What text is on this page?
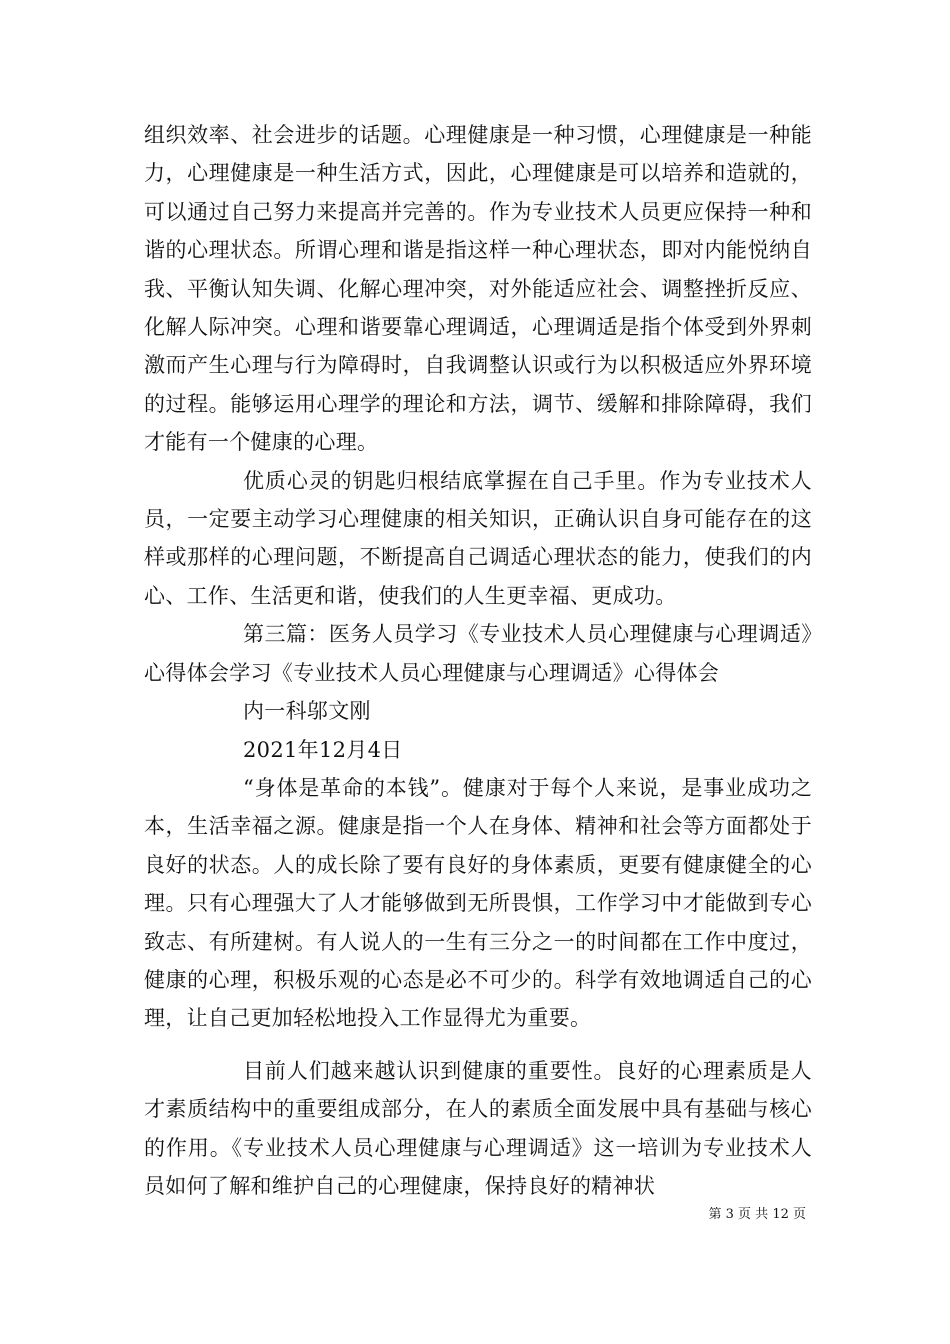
组织效率、社会进步的话题。心理健康是一种习惯，心理健康是一种能力，心理健康是一种生活方式，因此，心理健康是可以培养和造就的，可以通过自己努力来提高并完善的。作为专业技术人员更应保持一种和谐的心理状态。所谓心理和谐是指这样一种心理状态，即对内能悦纳自我、平衡认知失调、化解心理冲突，对外能适应社会、调整挫折反应、化解人际冲突。心理和谐要靠心理调适，心理调适是指个体受到外界刺激而产生心理与行为障碍时，自我调整认识或行为以积极适应外界环境的过程。能够运用心理学的理论和方法，调节、缓解和排除障碍，我们才能有一个健康的心理。

优质心灵的钥匙归根结底掌握在自己手里。作为专业技术人员，一定要主动学习心理健康的相关知识，正确认识自身可能存在的这样或那样的心理问题，不断提高自己调适心理状态的能力，使我们的内心、工作、生活更和谐，使我们的人生更幸福、更成功。

第三篇：医务人员学习《专业技术人员心理健康与心理调适》心得体会学习《专业技术人员心理健康与心理调适》心得体会

内一科邬文刚

2021年12月4日

“身体是革命的本钱”。健康对于每个人来说，是事业成功之本，生活幸福之源。健康是指一个人在身体、精神和社会等方面都处于良好的状态。人的成长除了要有良好的身体素质，更要有健康健全的心理。只有心理强大了人才能够做到无所畏惧，工作学习中才能做到专心致志、有所建树。有人说人的一生有三分之一的时间都在工作中度过，健康的心理，积极乐观的心态是必不可少的。科学有效地调适自己的心理，让自己更加轻松地投入工作显得尤为重要。

目前人们越来越认识到健康的重要性。良好的心理素质是人才素质结构中的重要组成部分，在人的素质全面发展中具有基础与核心的作用。《专业技术人员心理健康与心理调适》这一培训为专业技术人员如何了解和维护自己的心理健康，保持良好的精神状

第 3 页 共 12 页
